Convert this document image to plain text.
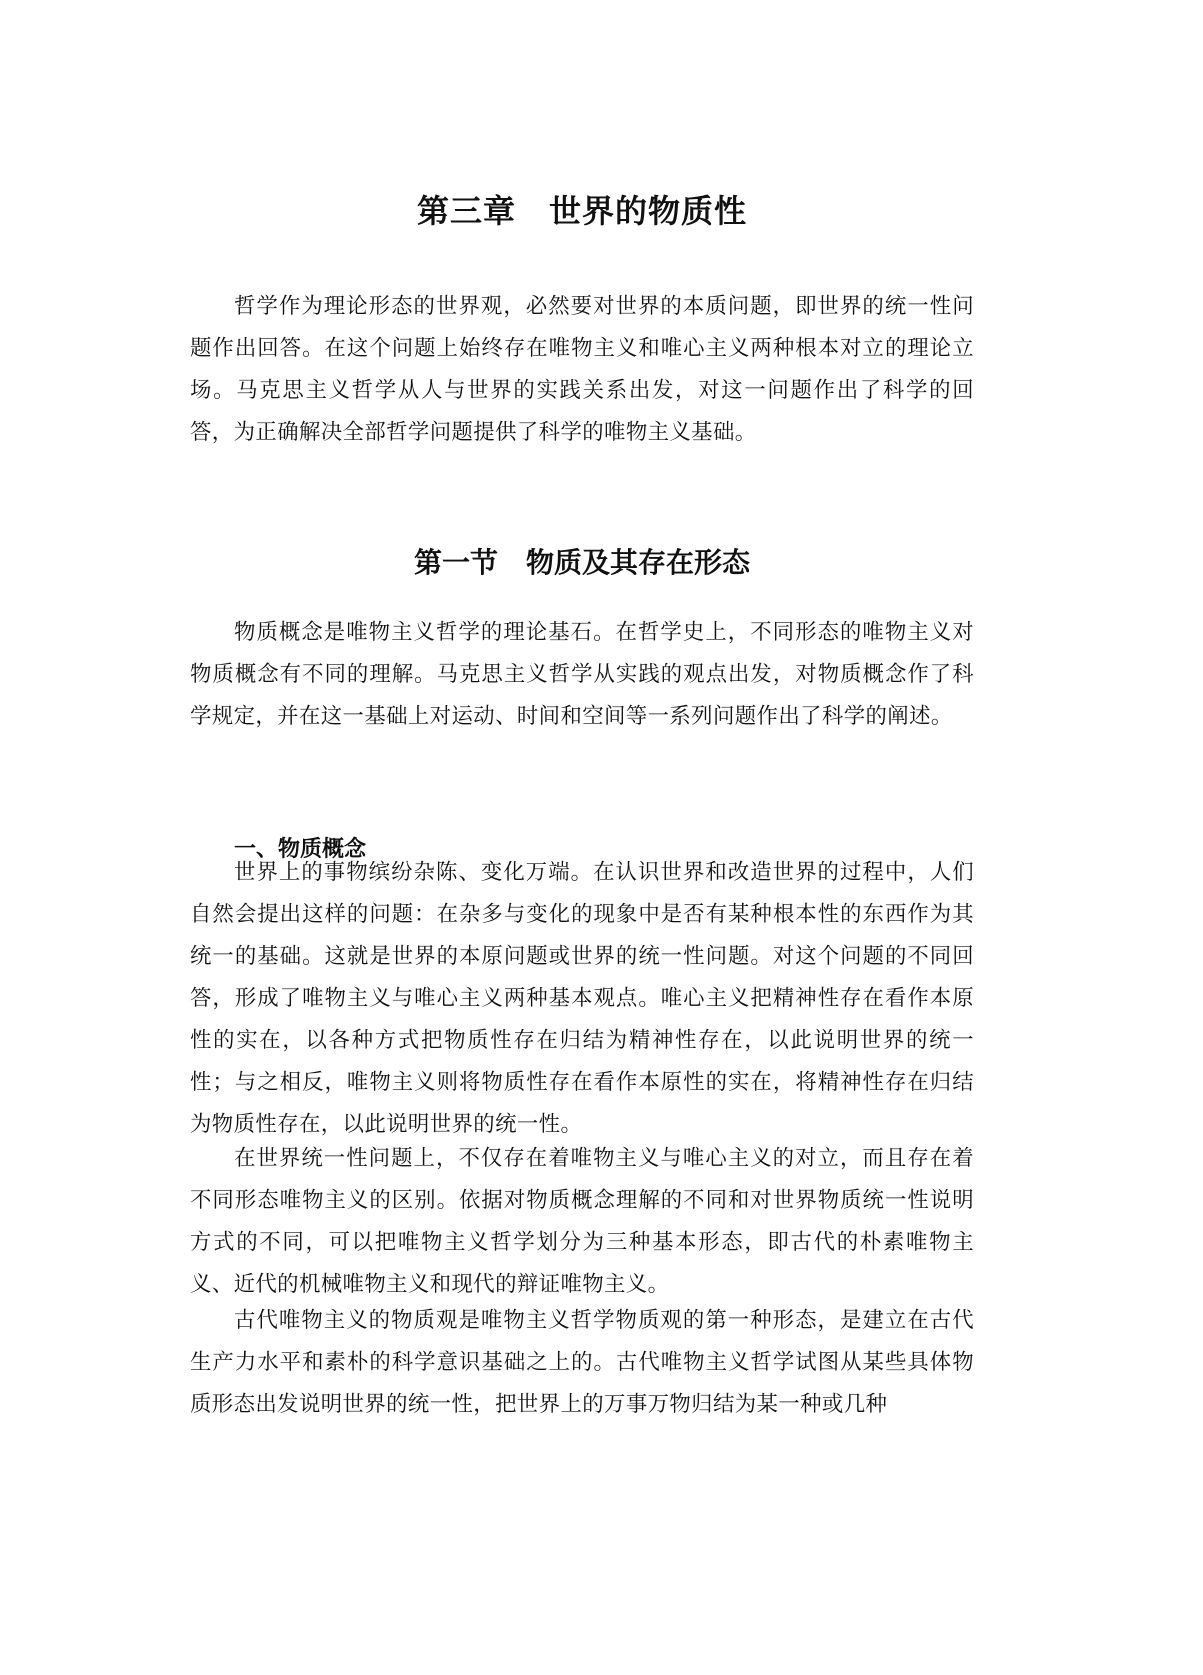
第三章　世界的物质性

哲学作为理论形态的世界观，必然要对世界的本质问题，即世界的统一性问题作出回答。在这个问题上始终存在唯物主义和唯心主义两种根本对立的理论立场。马克思主义哲学从人与世界的实践关系出发，对这一问题作出了科学的回答，为正确解决全部哲学问题提供了科学的唯物主义基础。

第一节　物质及其存在形态

物质概念是唯物主义哲学的理论基石。在哲学史上，不同形态的唯物主义对物质概念有不同的理解。马克思主义哲学从实践的观点出发，对物质概念作了科学规定，并在这一基础上对运动、时间和空间等一系列问题作出了科学的阐述。

一、物质概念

世界上的事物缤纷杂陈、变化万端。在认识世界和改造世界的过程中，人们自然会提出这样的问题：在杂多与变化的现象中是否有某种根本性的东西作为其统一的基础。这就是世界的本原问题或世界的统一性问题。对这个问题的不同回答，形成了唯物主义与唯心主义两种基本观点。唯心主义把精神性存在看作本原性的实在，以各种方式把物质性存在归结为精神性存在，以此说明世界的统一性；与之相反，唯物主义则将物质性存在看作本原性的实在，将精神性存在归结为物质性存在，以此说明世界的统一性。

在世界统一性问题上，不仅存在着唯物主义与唯心主义的对立，而且存在着不同形态唯物主义的区别。依据对物质概念理解的不同和对世界物质统一性说明方式的不同，可以把唯物主义哲学划分为三种基本形态，即古代的朴素唯物主义、近代的机械唯物主义和现代的辩证唯物主义。

古代唯物主义的物质观是唯物主义哲学物质观的第一种形态，是建立在古代生产力水平和素朴的科学意识基础之上的。古代唯物主义哲学试图从某些具体物质形态出发说明世界的统一性，把世界上的万事万物归结为某一种或几种
